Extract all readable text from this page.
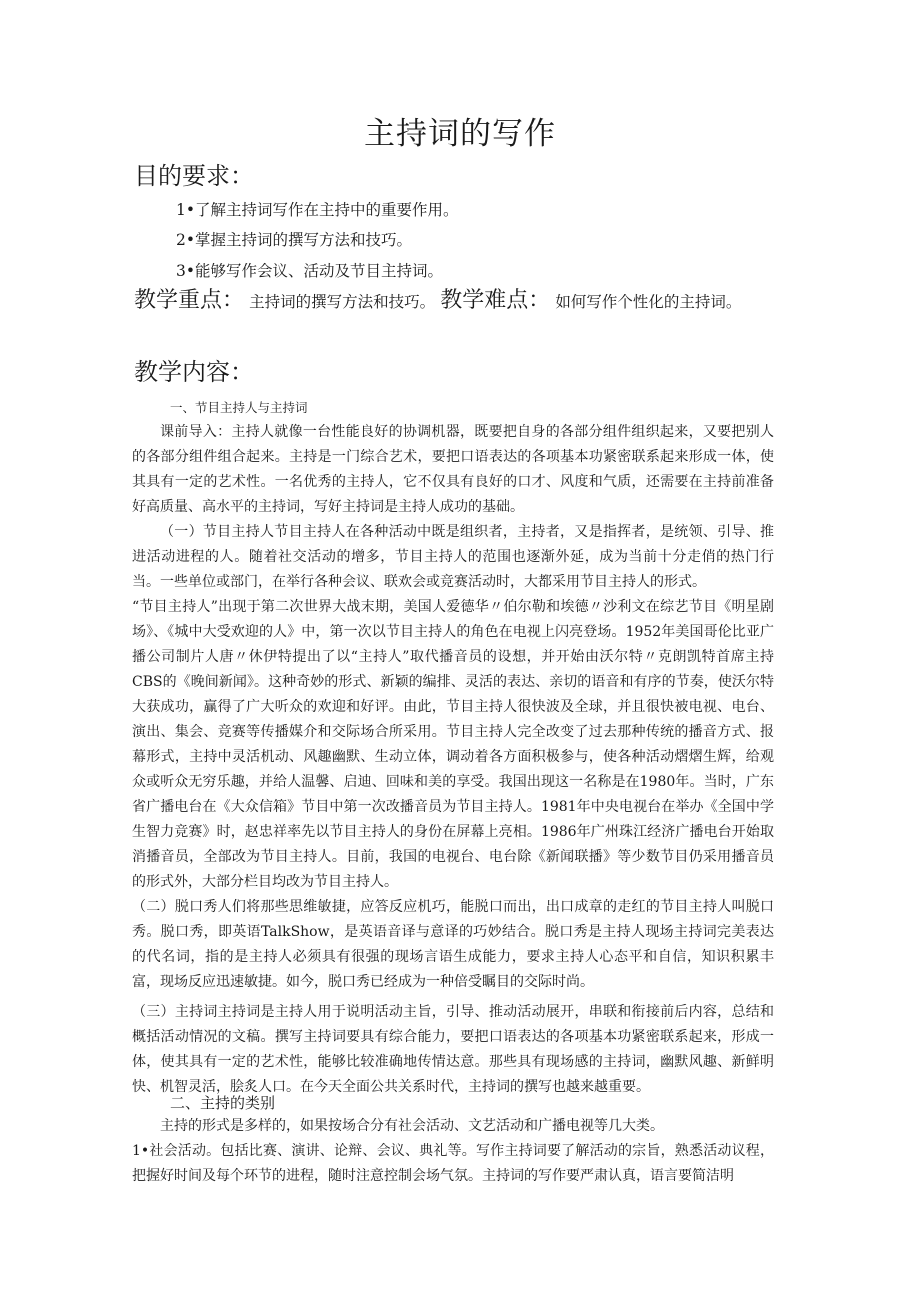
主持词的写作
目的要求：
1•了解主持词写作在主持中的重要作用。
2•掌握主持词的撰写方法和技巧。
3•能够写作会议、活动及节目主持词。
教学重点： 主持词的撰写方法和技巧。 教学难点： 如何写作个性化的主持词。
教学内容：

一、节目主持人与主持词

课前导入：主持人就像一台性能良好的协调机器，既要把自身的各部分组件组织起来，又要把别人的各部分组件组合起来。主持是一门综合艺术，要把口语表达的各项基本功紧密联系起来形成一体，使其具有一定的艺术性。一名优秀的主持人，它不仅具有良好的口才、风度和气质，还需要在主持前准备好高质量、高水平的主持词，写好主持词是主持人成功的基础。

（一）节目主持人节目主持人在各种活动中既是组织者，主持者，又是指挥者，是统领、引导、推进活动进程的人。随着社交活动的增多，节目主持人的范围也逐渐外延，成为当前十分走俏的热门行当。一些单位或部门，在举行各种会议、联欢会或竞赛活动时，大都采用节目主持人的形式。

“节目主持人”出现于第二次世界大战末期，美国人爱德华〃伯尔勒和埃德〃沙利文在综艺节目《明星剧场》、《城中大受欢迎的人》中，第一次以节目主持人的角色在电视上闪亮登场。1952年美国哥伦比亚广播公司制片人唐〃休伊特提出了以“主持人”取代播音员的设想，并开始由沃尔特〃克朗凯特首席主持CBS的《晚间新闻》。这种奇妙的形式、新颖的编排、灵活的表达、亲切的语音和有序的节奏，使沃尔特大获成功，赢得了广大听众的欢迎和好评。由此，节目主持人很快波及全球，并且很快被电视、电台、演出、集会、竞赛等传播媒介和交际场合所采用。节目主持人完全改变了过去那种传统的播音方式、报幕形式，主持中灵活机动、风趣幽默、生动立体，调动着各方面积极参与，使各种活动熠熠生辉，给观众或听众无穷乐趣，并给人温馨、启迪、回味和美的享受。我国出现这一名称是在1980年。当时，广东省广播电台在《大众信箱》节目中第一次改播音员为节目主持人。1981年中央电视台在举办《全国中学生智力竞赛》时，赵忠祥率先以节目主持人的身份在屏幕上亮相。1986年广州珠江经济广播电台开始取消播音员，全部改为节目主持人。目前，我国的电视台、电台除《新闻联播》等少数节目仍采用播音员的形式外，大部分栏目均改为节目主持人。

（二）脱口秀人们将那些思维敏捷，应答反应机巧，能脱口而出，出口成章的走红的节目主持人叫脱口秀。脱口秀，即英语TalkShow，是英语音译与意译的巧妙结合。脱口秀是主持人现场主持词完美表达的代名词，指的是主持人必须具有很强的现场言语生成能力，要求主持人心态平和自信，知识积累丰富，现场反应迅速敏捷。如今，脱口秀已经成为一种倍受瞩目的交际时尚。

（三）主持词主持词是主持人用于说明活动主旨，引导、推动活动展开，串联和衔接前后内容，总结和概括活动情况的文稿。撰写主持词要具有综合能力，要把口语表达的各项基本功紧密联系起来，形成一体，使其具有一定的艺术性，能够比较准确地传情达意。那些具有现场感的主持词，幽默风趣、新鲜明快、机智灵活，脍炙人口。在今天全面公共关系时代，主持词的撰写也越来越重要。

二、主持的类别

主持的形式是多样的，如果按场合分有社会活动、文艺活动和广播电视等几大类。

1•社会活动。包括比赛、演讲、论辩、会议、典礼等。写作主持词要了解活动的宗旨，熟悉活动议程，把握好时间及每个环节的进程，随时注意控制会场气氛。主持词的写作要严肃认真，语言要简洁明
